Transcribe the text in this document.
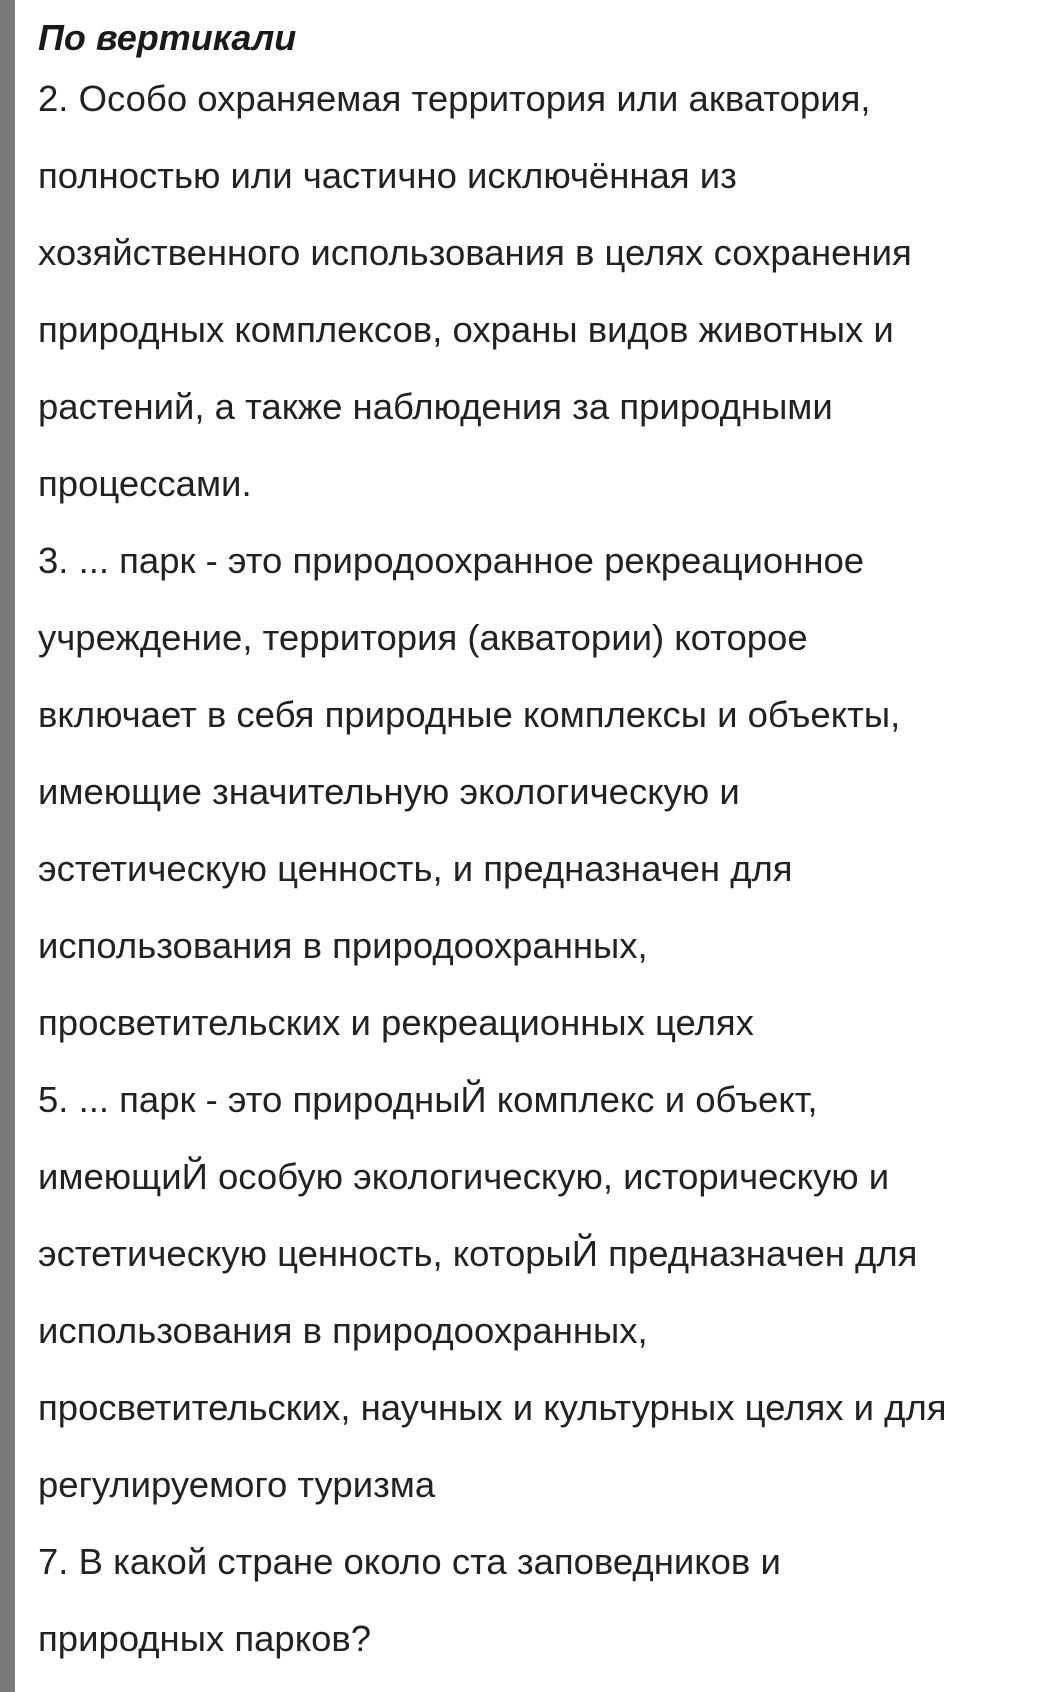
По вертикали
2. Особо охраняемая территория или акватория,
полностью или частично исключённая из
хозяйственного использования в целях сохранения
природных комплексов, охраны видов животных и
растений, а также наблюдения за природными
процессами.
3. ... парк - это природоохранное рекреационное
учреждение, территория (акватории) которое
включает в себя природные комплексы и объекты,
имеющие значительную экологическую и
эстетическую ценность, и предназначен для
использования в природоохранных,
просветительских и рекреационных целях
5. ... парк - это природныЙ комплекс и объект,
имеющиЙ особую экологическую, историческую и
эстетическую ценность, которыЙ предназначен для
использования в природоохранных,
просветительских, научных и культурных целях и для
регулируемого туризма
7. В какой стране около ста заповедников и
природных парков?
